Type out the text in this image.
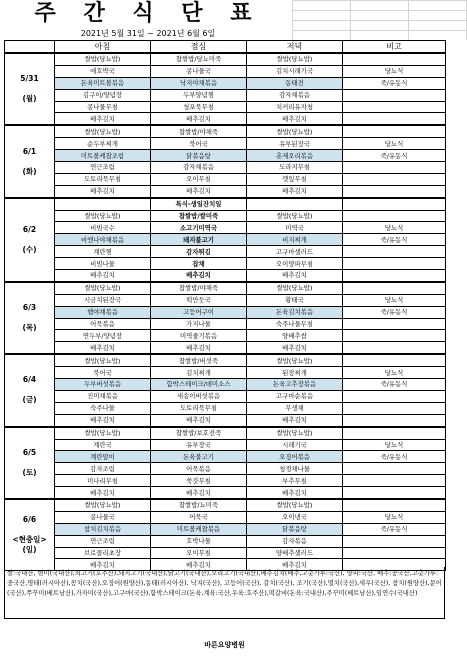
주 간 식 단 표
2021년 5월 31일 ~ 2021년 6월 6일
	아침	점심	저녁	비고

5/31
(월)	쌀밥(당뇨밥)	찹쌀밥/당뇨미죽	쌀밥(당뇨밥)	
	애호박국	콩나물국	김치시래기국	당뇨식
	돈육미트볼볶음	낙지야채볶음	동태전	죽/유동식
	김구이/양념장	두부양념찜	감자채볶음	
	콩나물무침	청포묵무침	치커리유자청	
	배추김치	배추김치	배추김치	

6/1
(화)	쌀밥(당뇨밥)	찹쌀밥/야채죽	쌀밥(당뇨밥)	
	순두부찌개	북어국	유부된장국	당뇨식
	미트볼케찹조림	닭볶음탕	훈제오리볶음	죽/유동식
	연근조림	감자채볶음	도라지무침	
	도토리묵무침	오이무침	깻잎무침	
	배추김치	배추김치	배추김치	

6/2
(수)		특식-생일잔치일		
	쌀밥(당뇨밥)	찹쌀밥/쌀미죽	쌀밥(당뇨밥)	
	비빔국수	소고기미역국	미역국	당뇨식
	비엔나야채볶음	돼지불고기	비지찌개	죽/유동식
	계란찜	감자튀김	고구마샐러드	
	비빔나물	잡채	오이양파무침	
	배추김치	배추김치	배추김치	

6/3
(목)	쌀밥(당뇨밥)	찹쌀밥/야채죽	쌀밥(당뇨밥)	
	시금치된장국	떡만둣국	황태국	당뇨식
	햄야채볶음	고등어구이	돈육김치볶음	죽/유동식
	어묵볶음	가지나물	숙주나물무침	
	연두부/양념장	미역줄기볶음	양배추쌈	
	배추김치	배추김치	배추김치	

6/4
(금)	쌀밥(당뇨밥)	찹쌀밥/버섯죽	쌀밥(당뇨밥)	
	북어국	김치찌개	된장찌개	당뇨식
	두부버섯볶음	함박스테이크/데미소스	돈육고추장볶음	죽/유동식
	진미채볶음	새송이버섯볶음	고구마순볶음	
	숙주나물	도토리묵무침	무생채	
	배추김치	배추김치	배추김치	

6/5
(토)	쌀밥(당뇨밥)	찹쌀밥/보호전죽	쌀밥(당뇨밥)	
	계란국	유부장국	시래기국	당뇨식
	계란말이	돈육불고기	오징어볶음	죽/유동식
	감자조림	어묵볶음	청경채나물	
	미나리무침	쑥갓무침	부추무침	
	배추김치	배추김치	배추김치	

6/6
<현충일>
(일)	쌀밥(당뇨밥)	찹쌀밥/뇨미죽	쌀밥(당뇨밥)	
	콩나물국	어묵국	오이냉국	당뇨식
	참치김치볶음	미트볼케찹볶음	닭볶음탕	죽/유동식
	연근조림	호박나물	감자볶음	
	브로콜리초장	오이무침	양배추샐러드	
	배추김치	배추김치	배추김치	
쌀:국내산, 현미(국내산),쇠고기(호주산),돼지고기(국내산),닭고기(국내산),오리고기(국내산),배추김치(배추,고춧가루:국산), 양파:국산, 배추:중국산,고춧가루:중국산,명태(러시아산),꽁치(국산),오징어(원양산),동태(러시아산), 낙지(국산), 고등어(국산), 갈치(국산), 조기(국산),멸치(국산),새우(국산), 참치(원양산),문어(국산),쭈꾸미(베트남산),가자미(국산),고구마(국산),함박스테이크(돈육,계육:국산,우육:호주산),떡갈비(돈육:국내산),주꾸미(베트남산),임연수(국내산)
바른요양병원
